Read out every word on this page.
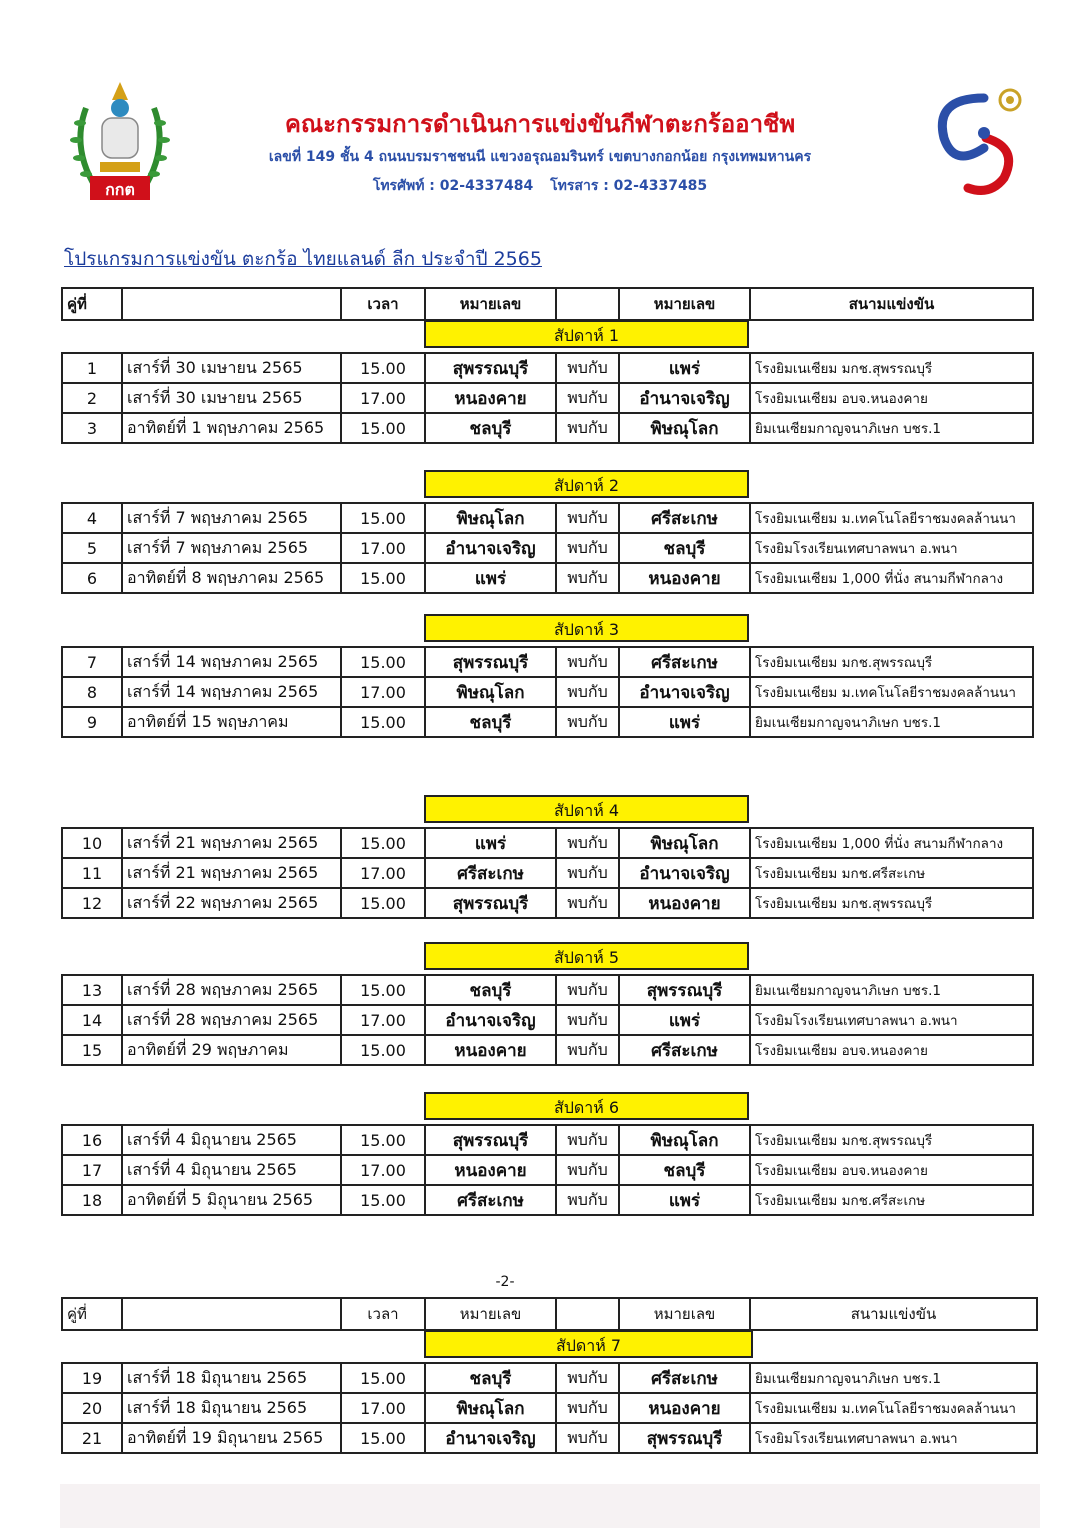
กกต
คณะกรรมการดำเนินการแข่งขันกีฬาตะกร้ออาชีพ
เลขที่ 149 ชั้น 4 ถนนบรมราชชนนี แขวงอรุณอมรินทร์ เขตบางกอกน้อย กรุงเทพมหานคร
โทรศัพท์ : 02-4337484 โทรสาร : 02-4337485
โปรแกรมการแข่งขัน ตะกร้อ ไทยแลนด์ ลีก ประจำปี 2565
คู่ที่		เวลา	หมายเลข		หมายเลข	สนามแข่งขัน
สัปดาห์ 1
1	เสาร์ที่ 30 เมษายน 2565	15.00	สุพรรณบุรี	พบกับ	แพร่	โรงยิมเนเซียม มกช.สุพรรณบุรี
2	เสาร์ที่ 30 เมษายน 2565	17.00	หนองคาย	พบกับ	อำนาจเจริญ	โรงยิมเนเซียม อบจ.หนองคาย
3	อาทิตย์ที่ 1 พฤษภาคม 2565	15.00	ชลบุรี	พบกับ	พิษณุโลก	ยิมเนเซียมกาญจนาภิเษก บชร.1
สัปดาห์ 2
4	เสาร์ที่ 7 พฤษภาคม 2565	15.00	พิษณุโลก	พบกับ	ศรีสะเกษ	โรงยิมเนเซียม ม.เทคโนโลยีราชมงคลล้านนา
5	เสาร์ที่ 7 พฤษภาคม 2565	17.00	อำนาจเจริญ	พบกับ	ชลบุรี	โรงยิมโรงเรียนเทศบาลพนา อ.พนา
6	อาทิตย์ที่ 8 พฤษภาคม 2565	15.00	แพร่	พบกับ	หนองคาย	โรงยิมเนเซียม 1,000 ที่นั่ง สนามกีฬากลาง
สัปดาห์ 3
7	เสาร์ที่ 14 พฤษภาคม 2565	15.00	สุพรรณบุรี	พบกับ	ศรีสะเกษ	โรงยิมเนเซียม มกช.สุพรรณบุรี
8	เสาร์ที่ 14 พฤษภาคม 2565	17.00	พิษณุโลก	พบกับ	อำนาจเจริญ	โรงยิมเนเซียม ม.เทคโนโลยีราชมงคลล้านนา
9	อาทิตย์ที่ 15 พฤษภาคม	15.00	ชลบุรี	พบกับ	แพร่	ยิมเนเซียมกาญจนาภิเษก บชร.1
สัปดาห์ 4
10	เสาร์ที่ 21 พฤษภาคม 2565	15.00	แพร่	พบกับ	พิษณุโลก	โรงยิมเนเซียม 1,000 ที่นั่ง สนามกีฬากลาง
11	เสาร์ที่ 21 พฤษภาคม 2565	17.00	ศรีสะเกษ	พบกับ	อำนาจเจริญ	โรงยิมเนเซียม มกช.ศรีสะเกษ
12	เสาร์ที่ 22 พฤษภาคม 2565	15.00	สุพรรณบุรี	พบกับ	หนองคาย	โรงยิมเนเซียม มกช.สุพรรณบุรี
สัปดาห์ 5
13	เสาร์ที่ 28 พฤษภาคม 2565	15.00	ชลบุรี	พบกับ	สุพรรณบุรี	ยิมเนเซียมกาญจนาภิเษก บชร.1
14	เสาร์ที่ 28 พฤษภาคม 2565	17.00	อำนาจเจริญ	พบกับ	แพร่	โรงยิมโรงเรียนเทศบาลพนา อ.พนา
15	อาทิตย์ที่ 29 พฤษภาคม	15.00	หนองคาย	พบกับ	ศรีสะเกษ	โรงยิมเนเซียม อบจ.หนองคาย
สัปดาห์ 6
16	เสาร์ที่ 4 มิถุนายน 2565	15.00	สุพรรณบุรี	พบกับ	พิษณุโลก	โรงยิมเนเซียม มกช.สุพรรณบุรี
17	เสาร์ที่ 4 มิถุนายน 2565	17.00	หนองคาย	พบกับ	ชลบุรี	โรงยิมเนเซียม อบจ.หนองคาย
18	อาทิตย์ที่ 5 มิถุนายน 2565	15.00	ศรีสะเกษ	พบกับ	แพร่	โรงยิมเนเซียม มกช.ศรีสะเกษ
สัปดาห์ 7
19	เสาร์ที่ 18 มิถุนายน 2565	15.00	ชลบุรี	พบกับ	ศรีสะเกษ	ยิมเนเซียมกาญจนาภิเษก บชร.1
20	เสาร์ที่ 18 มิถุนายน 2565	17.00	พิษณุโลก	พบกับ	หนองคาย	โรงยิมเนเซียม ม.เทคโนโลยีราชมงคลล้านนา
21	อาทิตย์ที่ 19 มิถุนายน 2565	15.00	อำนาจเจริญ	พบกับ	สุพรรณบุรี	โรงยิมโรงเรียนเทศบาลพนา อ.พนา
-2-
คู่ที่		เวลา	หมายเลข		หมายเลข	สนามแข่งขัน
